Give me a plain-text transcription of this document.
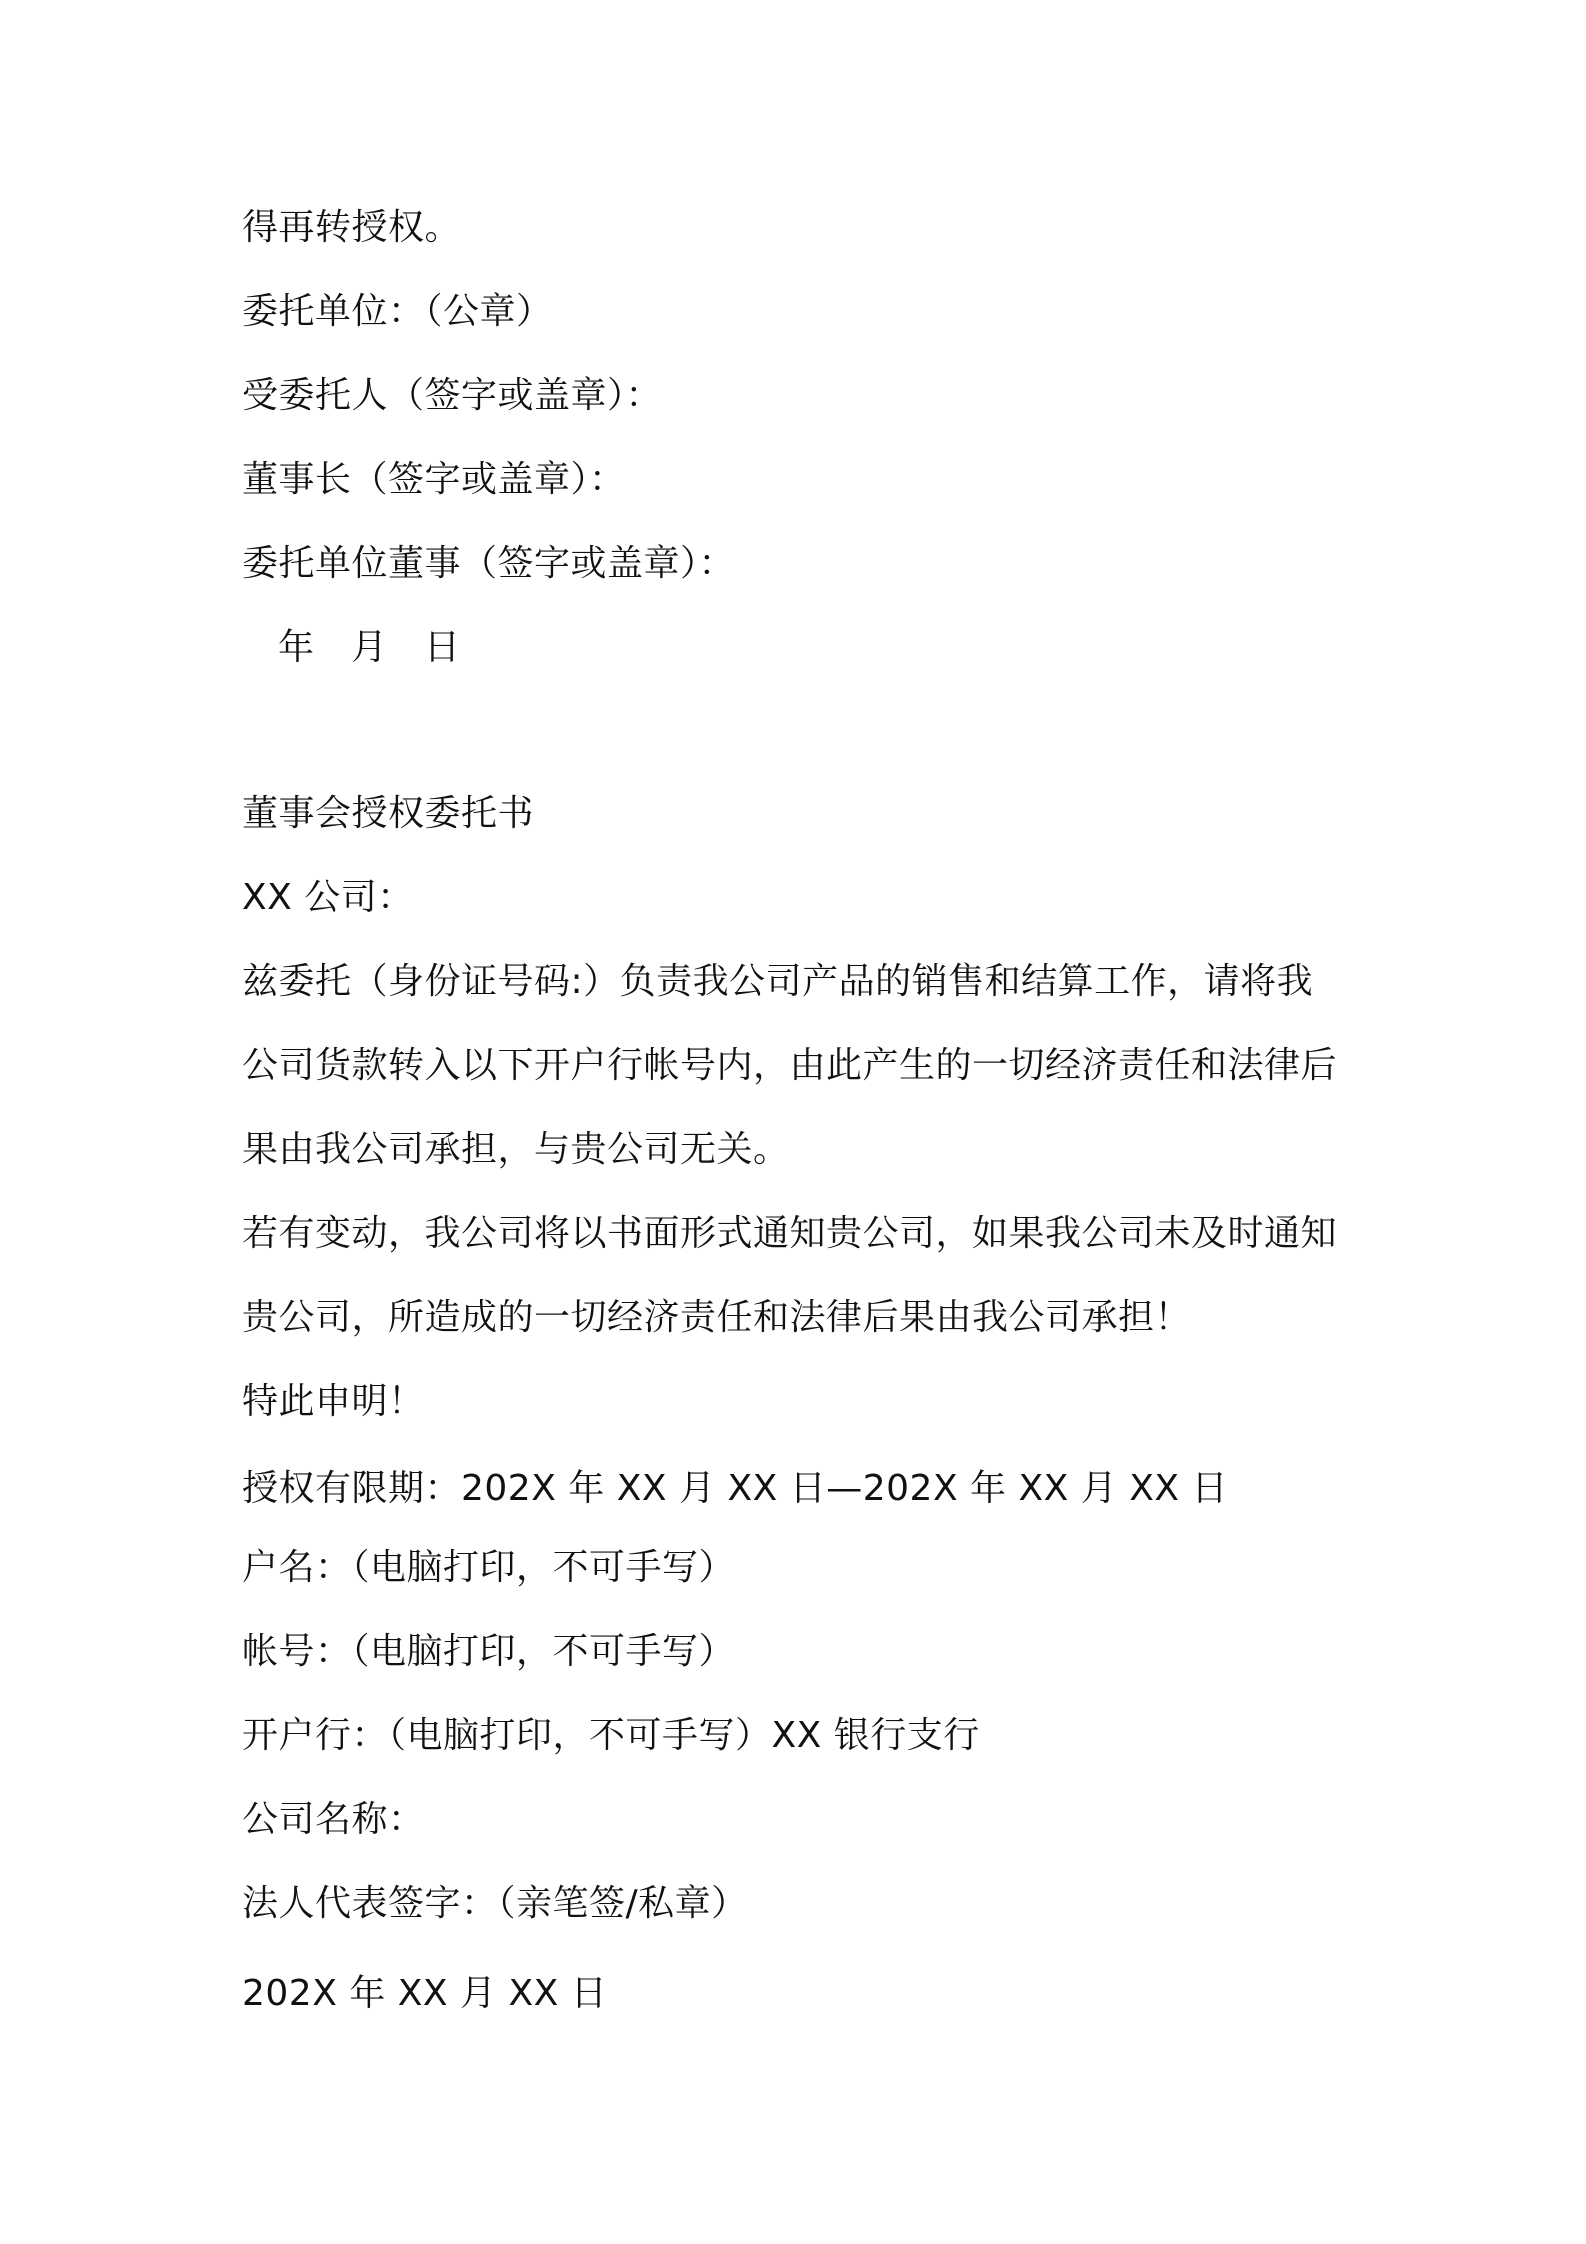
得再转授权。
委托单位：（公章）
受委托人（签字或盖章）：
董事长（签字或盖章）：
委托单位董事（签字或盖章）：
年　月　日
董事会授权委托书
XX 公司：
兹委托（身份证号码:）负责我公司产品的销售和结算工作，请将我
公司货款转入以下开户行帐号内，由此产生的一切经济责任和法律后
果由我公司承担，与贵公司无关。
若有变动，我公司将以书面形式通知贵公司，如果我公司未及时通知
贵公司，所造成的一切经济责任和法律后果由我公司承担！
特此申明！
授权有限期：202X 年 XX 月 XX 日—202X 年 XX 月 XX 日
户名：（电脑打印，不可手写）
帐号：（电脑打印，不可手写）
开户行：（电脑打印，不可手写）XX 银行支行
公司名称：
法人代表签字：（亲笔签/私章）
202X 年 XX 月 XX 日
